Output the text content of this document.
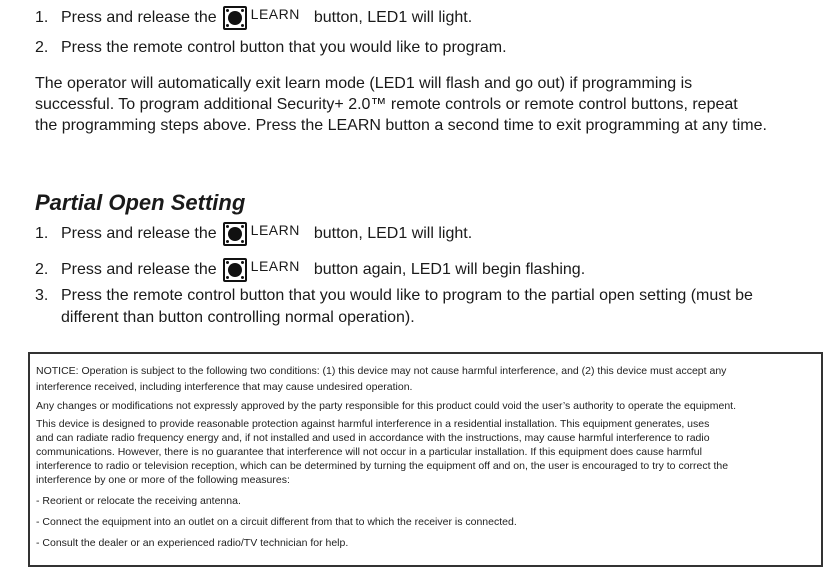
1. Press and release the LEARN button, LED1 will light.
2. Press the remote control button that you would like to program.
The operator will automatically exit learn mode (LED1 will flash and go out) if programming is
successful. To program additional Security+ 2.0™ remote controls or remote control buttons, repeat
the programming steps above. Press the LEARN button a second time to exit programming at any time.
Partial Open Setting
1. Press and release the LEARN button, LED1 will light.
2. Press and release the LEARN button again, LED1 will begin flashing.
3. Press the remote control button that you would like to program to the partial open setting (must be
different than button controlling normal operation).
NOTICE: Operation is subject to the following two conditions: (1) this device may not cause harmful interference, and (2) this device must accept any
interference received, including interference that may cause undesired operation.
Any changes or modifications not expressly approved by the party responsible for this product could void the user’s authority to operate the equipment.
This device is designed to provide reasonable protection against harmful interference in a residential installation. This equipment generates, uses
and can radiate radio frequency energy and, if not installed and used in accordance with the instructions, may cause harmful interference to radio
communications. However, there is no guarantee that interference will not occur in a particular installation. If this equipment does cause harmful
interference to radio or television reception, which can be determined by turning the equipment off and on, the user is encouraged to try to correct the
interference by one or more of the following measures:
- Reorient or relocate the receiving antenna.
- Connect the equipment into an outlet on a circuit different from that to which the receiver is connected.
- Consult the dealer or an experienced radio/TV technician for help.
